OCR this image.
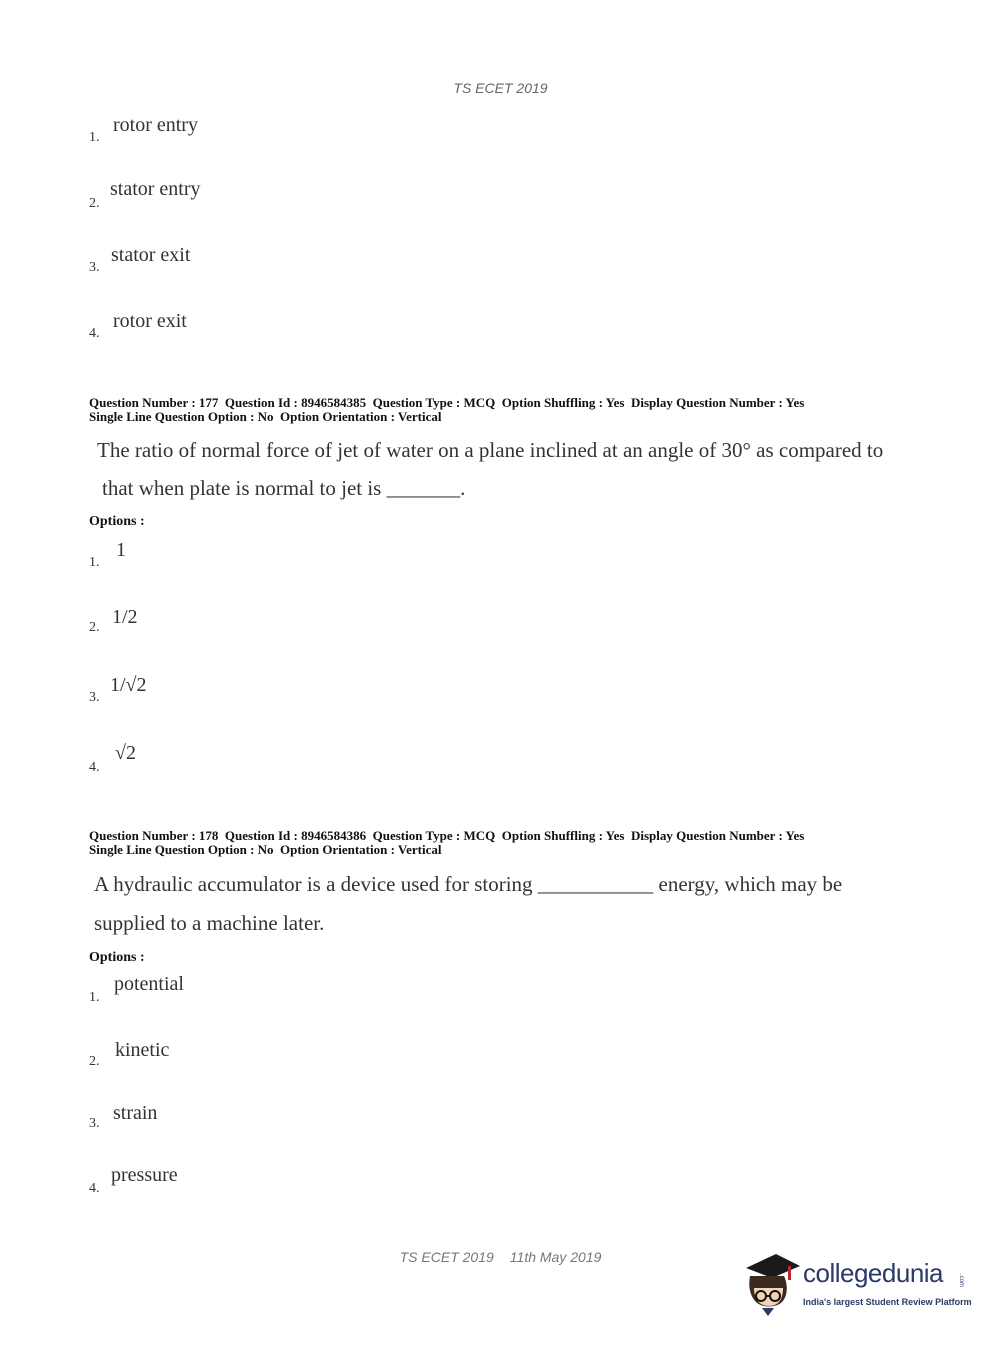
TS ECET 2019
1.
rotor entry
2.
stator entry
3.
stator exit
4.
rotor exit
Question Number : 177  Question Id : 8946584385  Question Type : MCQ  Option Shuffling : Yes  Display Question Number : Yes
Single Line Question Option : No  Option Orientation : Vertical
The ratio of normal force of jet of water on a plane inclined at an angle of 30° as compared to
that when plate is normal to jet is _______.
Options :
1.
1
2. 1/2
3.
1/√2
4.
√2
Question Number : 178  Question Id : 8946584386  Question Type : MCQ  Option Shuffling : Yes  Display Question Number : Yes
Single Line Question Option : No  Option Orientation : Vertical
A hydraulic accumulator is a device used for storing ___________ energy, which may be
supplied to a machine later.
Options :
1.
potential
2.
kinetic
3. strain
4.
pressure
TS ECET 2019 11th May 2019
collegedunia .com
India's largest Student Review Platform
